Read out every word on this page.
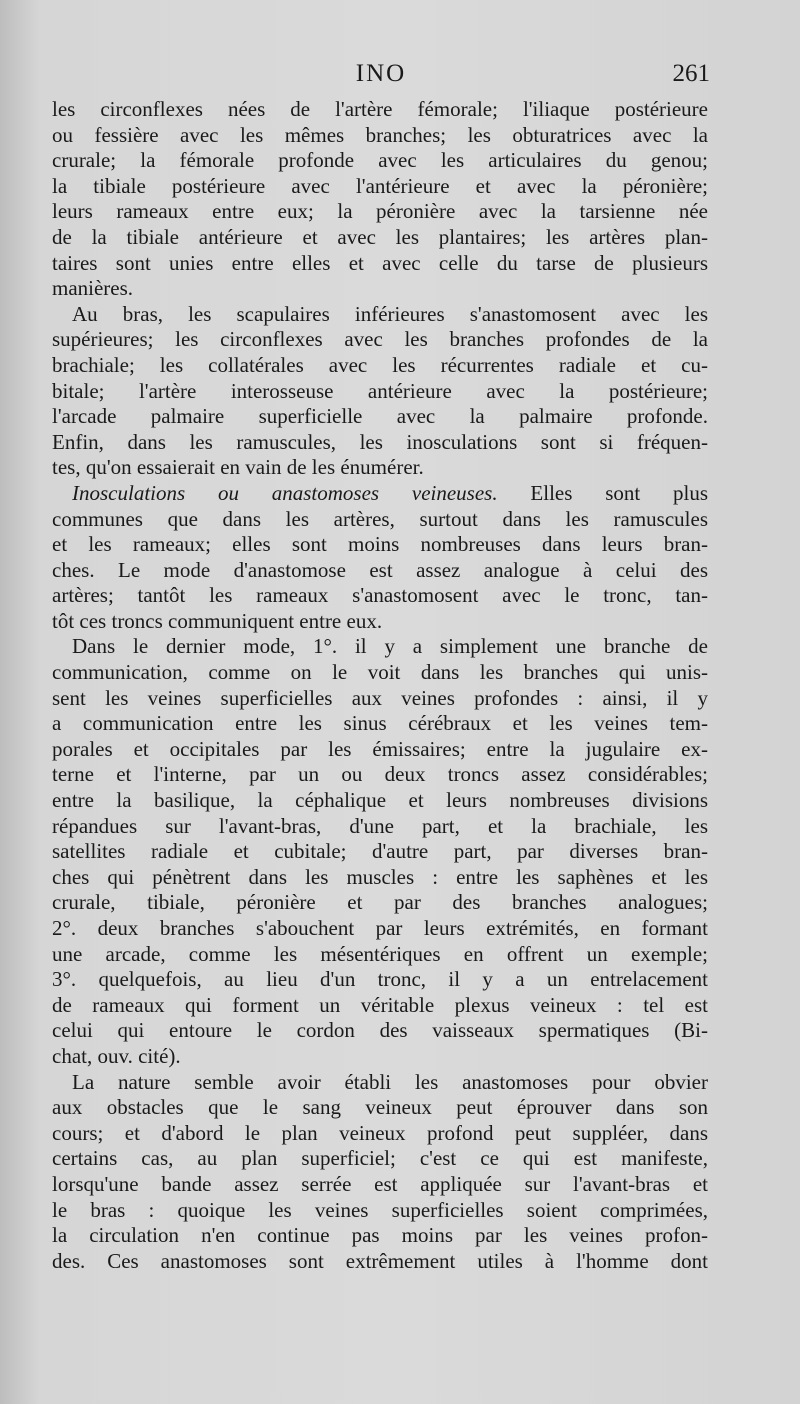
INO	261
les circonflexes nées de l'artère fémorale; l'iliaque postérieure
ou fessière avec les mêmes branches; les obturatrices avec la
crurale; la fémorale profonde avec les articulaires du genou;
la tibiale postérieure avec l'antérieure et avec la péronière;
leurs rameaux entre eux; la péronière avec la tarsienne née
de la tibiale antérieure et avec les plantaires; les artères plan-
taires sont unies entre elles et avec celle du tarse de plusieurs
manières.
Au bras, les scapulaires inférieures s'anastomosent avec les
supérieures; les circonflexes avec les branches profondes de la
brachiale; les collatérales avec les récurrentes radiale et cu-
bitale; l'artère interosseuse antérieure avec la postérieure;
l'arcade palmaire superficielle avec la palmaire profonde.
Enfin, dans les ramuscules, les inosculations sont si fréquen-
tes, qu'on essaierait en vain de les énumérer.
Inosculations ou anastomoses veineuses. Elles sont plus
communes que dans les artères, surtout dans les ramuscules
et les rameaux; elles sont moins nombreuses dans leurs bran-
ches. Le mode d'anastomose est assez analogue à celui des
artères; tantôt les rameaux s'anastomosent avec le tronc, tan-
tôt ces troncs communiquent entre eux.
Dans le dernier mode, 1°. il y a simplement une branche de
communication, comme on le voit dans les branches qui unis-
sent les veines superficielles aux veines profondes : ainsi, il y
a communication entre les sinus cérébraux et les veines tem-
porales et occipitales par les émissaires; entre la jugulaire ex-
terne et l'interne, par un ou deux troncs assez considérables;
entre la basilique, la céphalique et leurs nombreuses divisions
répandues sur l'avant-bras, d'une part, et la brachiale, les
satellites radiale et cubitale; d'autre part, par diverses bran-
ches qui pénètrent dans les muscles : entre les saphènes et les
crurale, tibiale, péronière et par des branches analogues;
2°. deux branches s'abouchent par leurs extrémités, en formant
une arcade, comme les mésentériques en offrent un exemple;
3°. quelquefois, au lieu d'un tronc, il y a un entrelacement
de rameaux qui forment un véritable plexus veineux : tel est
celui qui entoure le cordon des vaisseaux spermatiques (Bi-
chat, ouv. cité).
La nature semble avoir établi les anastomoses pour obvier
aux obstacles que le sang veineux peut éprouver dans son
cours; et d'abord le plan veineux profond peut suppléer, dans
certains cas, au plan superficiel; c'est ce qui est manifeste,
lorsqu'une bande assez serrée est appliquée sur l'avant-bras et
le bras : quoique les veines superficielles soient comprimées,
la circulation n'en continue pas moins par les veines profon-
des. Ces anastomoses sont extrêmement utiles à l'homme dont
